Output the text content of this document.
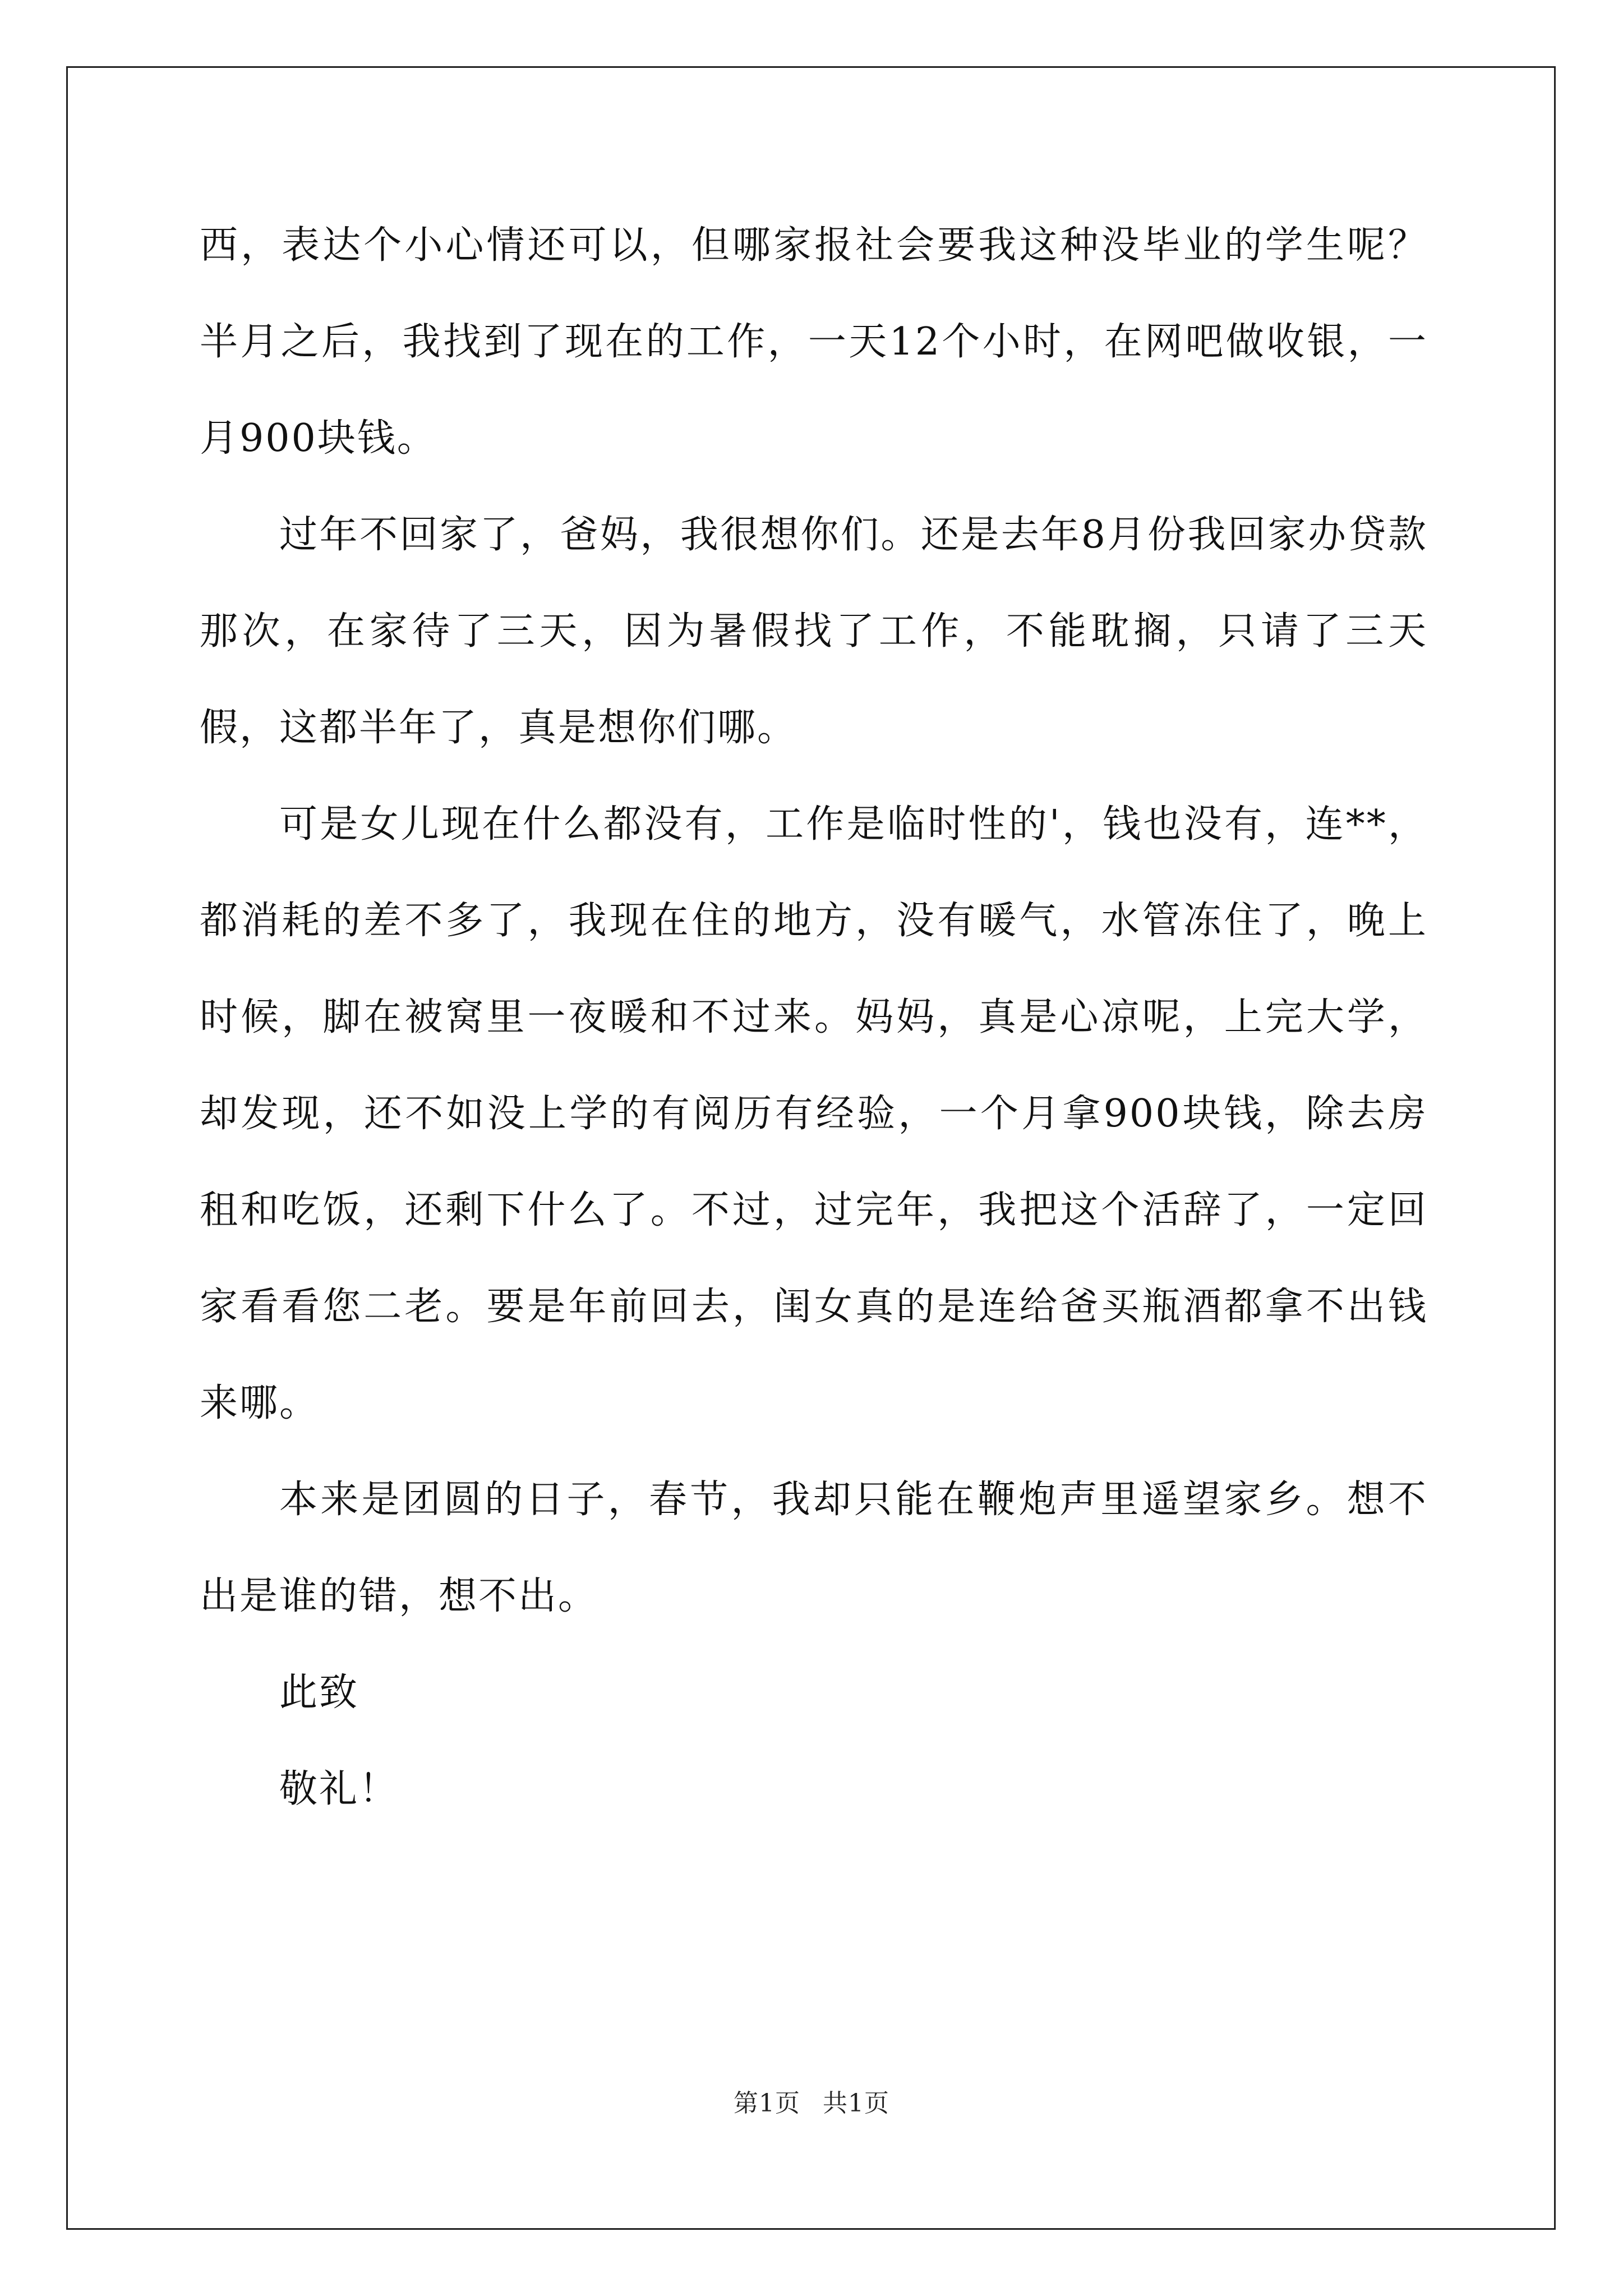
西，表达个小心情还可以，但哪家报社会要我这种没毕业的学生呢？半月之后，我找到了现在的工作，一天12个小时，在网吧做收银，一月900块钱。

过年不回家了，爸妈，我很想你们。还是去年8月份我回家办贷款那次，在家待了三天，因为暑假找了工作，不能耽搁，只请了三天假，这都半年了，真是想你们哪。

可是女儿现在什么都没有，工作是临时性的'，钱也没有，连**，都消耗的差不多了，我现在住的地方，没有暖气，水管冻住了，晚上时候，脚在被窝里一夜暖和不过来。妈妈，真是心凉呢，上完大学，却发现，还不如没上学的有阅历有经验，一个月拿900块钱，除去房租和吃饭，还剩下什么了。不过，过完年，我把这个活辞了，一定回家看看您二老。要是年前回去，闺女真的是连给爸买瓶酒都拿不出钱来哪。

本来是团圆的日子，春节，我却只能在鞭炮声里遥望家乡。想不出是谁的错，想不出。

此致

敬礼！

第1页 共1页
